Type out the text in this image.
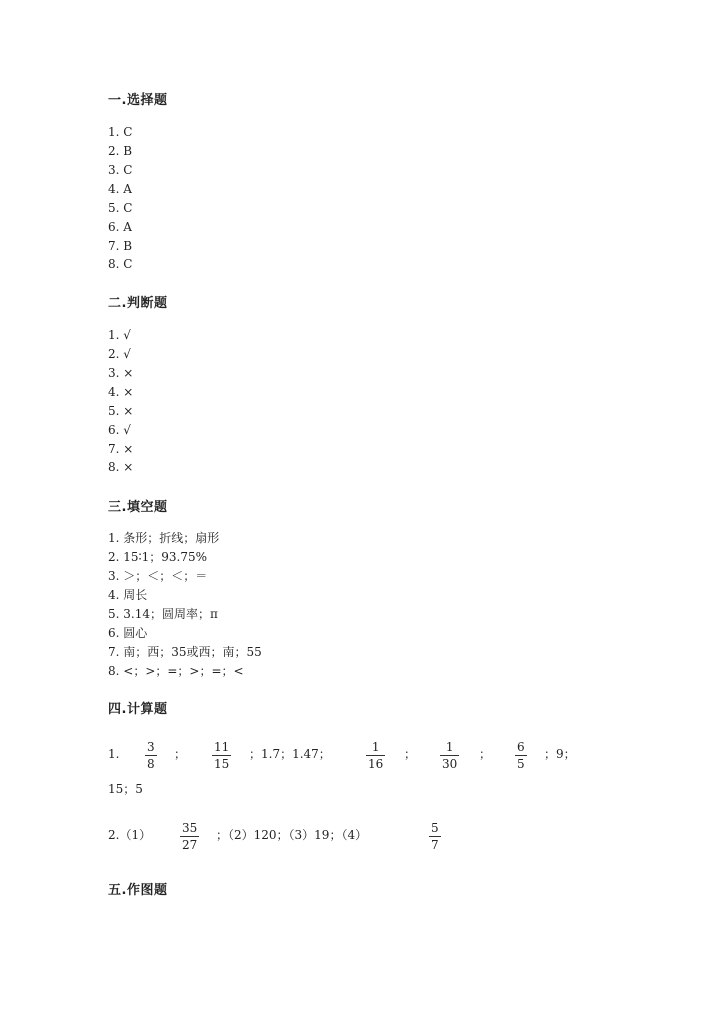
一.选择题
1. C
2. B
3. C
4. A
5. C
6. A
7. B
8. C
二.判断题
1. √
2. √
3. ×
4. ×
5. ×
6. √
7. ×
8. ×
三.填空题
1. 条形；折线；扇形
2. 15∶1；93.75%
3. ＞；＜；＜；＝
4. 周长
5. 3.14；圆周率；π
6. 圆心
7. 南；西；35或西；南；55
8. <；>；=；>；=；<
四.计算题
1. 3
8
； 11
15
；1.7；1.47；	1
16
； 1
30
； 6
5
；9；
15；5
2.（1）	35
27
；（2）120；（3）19；（4）	5
7
五.作图题
